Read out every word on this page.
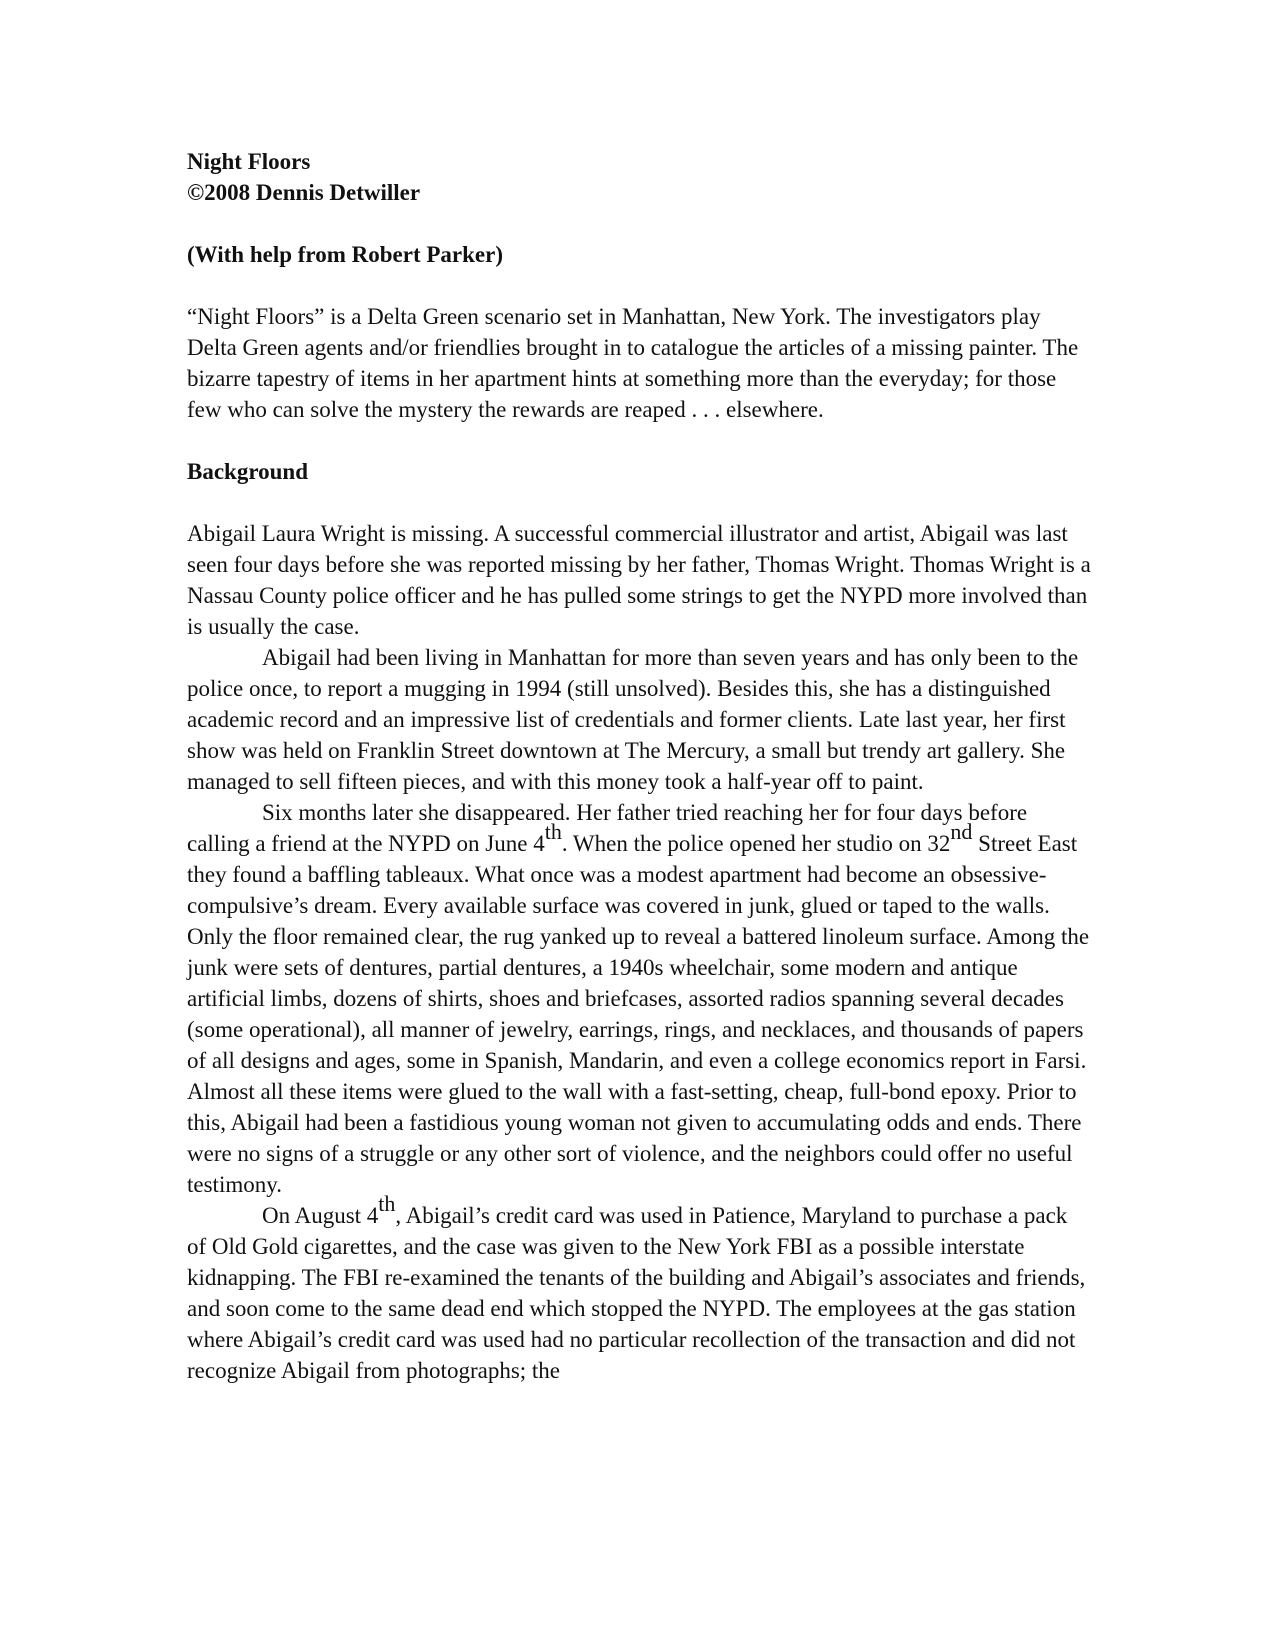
Night Floors

©2008 Dennis Detwiller

(With help from Robert Parker)

“Night Floors” is a Delta Green scenario set in Manhattan, New York. The investigators play Delta Green agents and/or friendlies brought in to catalogue the articles of a missing painter. The bizarre tapestry of items in her apartment hints at something more than the everyday; for those few who can solve the mystery the rewards are reaped . . . elsewhere.

Background

Abigail Laura Wright is missing. A successful commercial illustrator and artist, Abigail was last seen four days before she was reported missing by her father, Thomas Wright. Thomas Wright is a Nassau County police officer and he has pulled some strings to get the NYPD more involved than is usually the case.

Abigail had been living in Manhattan for more than seven years and has only been to the police once, to report a mugging in 1994 (still unsolved). Besides this, she has a distinguished academic record and an impressive list of credentials and former clients. Late last year, her first show was held on Franklin Street downtown at The Mercury, a small but trendy art gallery. She managed to sell fifteen pieces, and with this money took a half-year off to paint.

Six months later she disappeared. Her father tried reaching her for four days before calling a friend at the NYPD on June 4th. When the police opened her studio on 32nd Street East they found a baffling tableaux. What once was a modest apartment had become an obsessive-compulsive’s dream. Every available surface was covered in junk, glued or taped to the walls. Only the floor remained clear, the rug yanked up to reveal a battered linoleum surface. Among the junk were sets of dentures, partial dentures, a 1940s wheelchair, some modern and antique artificial limbs, dozens of shirts, shoes and briefcases, assorted radios spanning several decades (some operational), all manner of jewelry, earrings, rings, and necklaces, and thousands of papers of all designs and ages, some in Spanish, Mandarin, and even a college economics report in Farsi. Almost all these items were glued to the wall with a fast-setting, cheap, full-bond epoxy. Prior to this, Abigail had been a fastidious young woman not given to accumulating odds and ends. There were no signs of a struggle or any other sort of violence, and the neighbors could offer no useful testimony.

On August 4th, Abigail’s credit card was used in Patience, Maryland to purchase a pack of Old Gold cigarettes, and the case was given to the New York FBI as a possible interstate kidnapping. The FBI re-examined the tenants of the building and Abigail’s associates and friends, and soon come to the same dead end which stopped the NYPD. The employees at the gas station where Abigail’s credit card was used had no particular recollection of the transaction and did not recognize Abigail from photographs; the
